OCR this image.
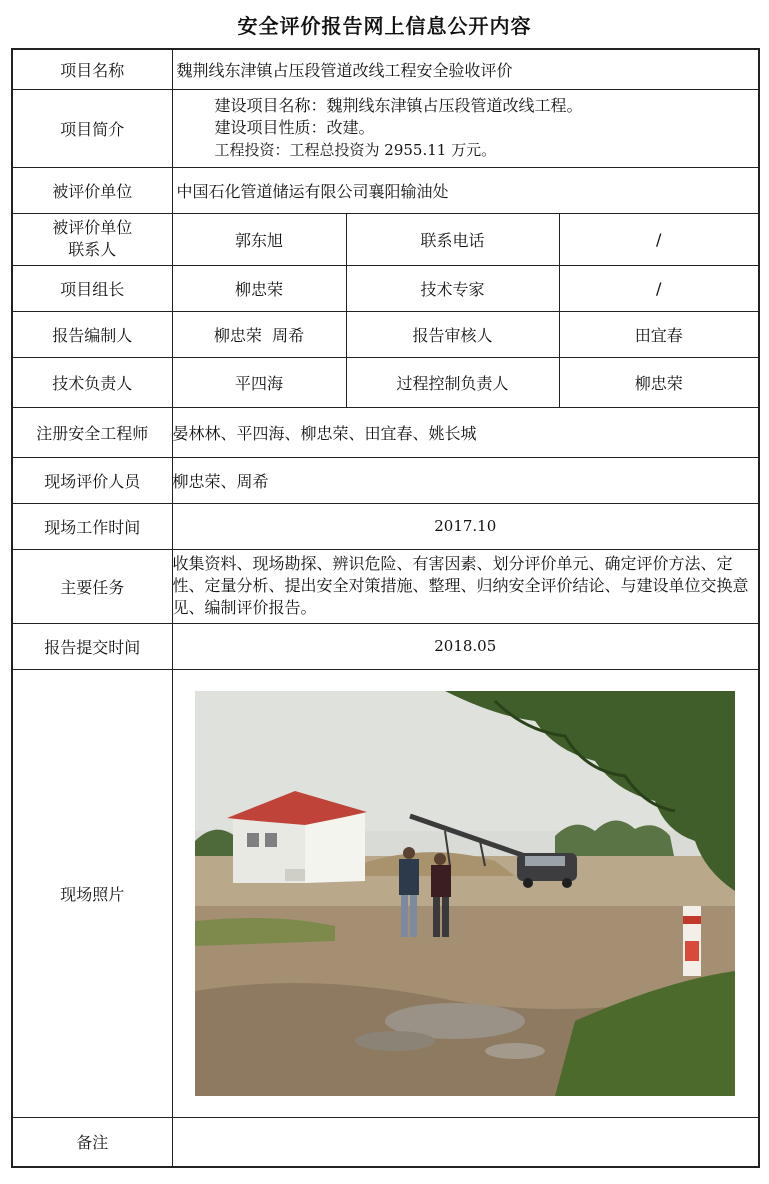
安全评价报告网上信息公开内容
项目名称	魏荆线东津镇占压段管道改线工程安全验收评价		
项目简介	建设项目名称：魏荆线东津镇占压段管道改线工程。
建设项目性质：改建。
工程投资：工程总投资为 2955.11 万元。		

被评价单位	中国石化管道储运有限公司襄阳输油处		

被评价单位
联系人	郭东旭	联系电话	/
项目组长	柳忠荣	技术专家	/
报告编制人	柳忠荣  周希	报告审核人	田宜春
技术负责人	平四海	过程控制负责人	柳忠荣
注册安全工程师	晏林林、平四海、柳忠荣、田宜春、姚长城		
现场评价人员	柳忠荣、周希		
现场工作时间	2017.10		
主要任务	收集资料、现场勘探、辨识危险、有害因素、划分评价单元、确定评价方法、定性、定量分析、提出安全对策措施、整理、归纳安全评价结论、与建设单位交换意见、编制评价报告。		
报告提交时间	2018.05		
现场照片	

备注			
